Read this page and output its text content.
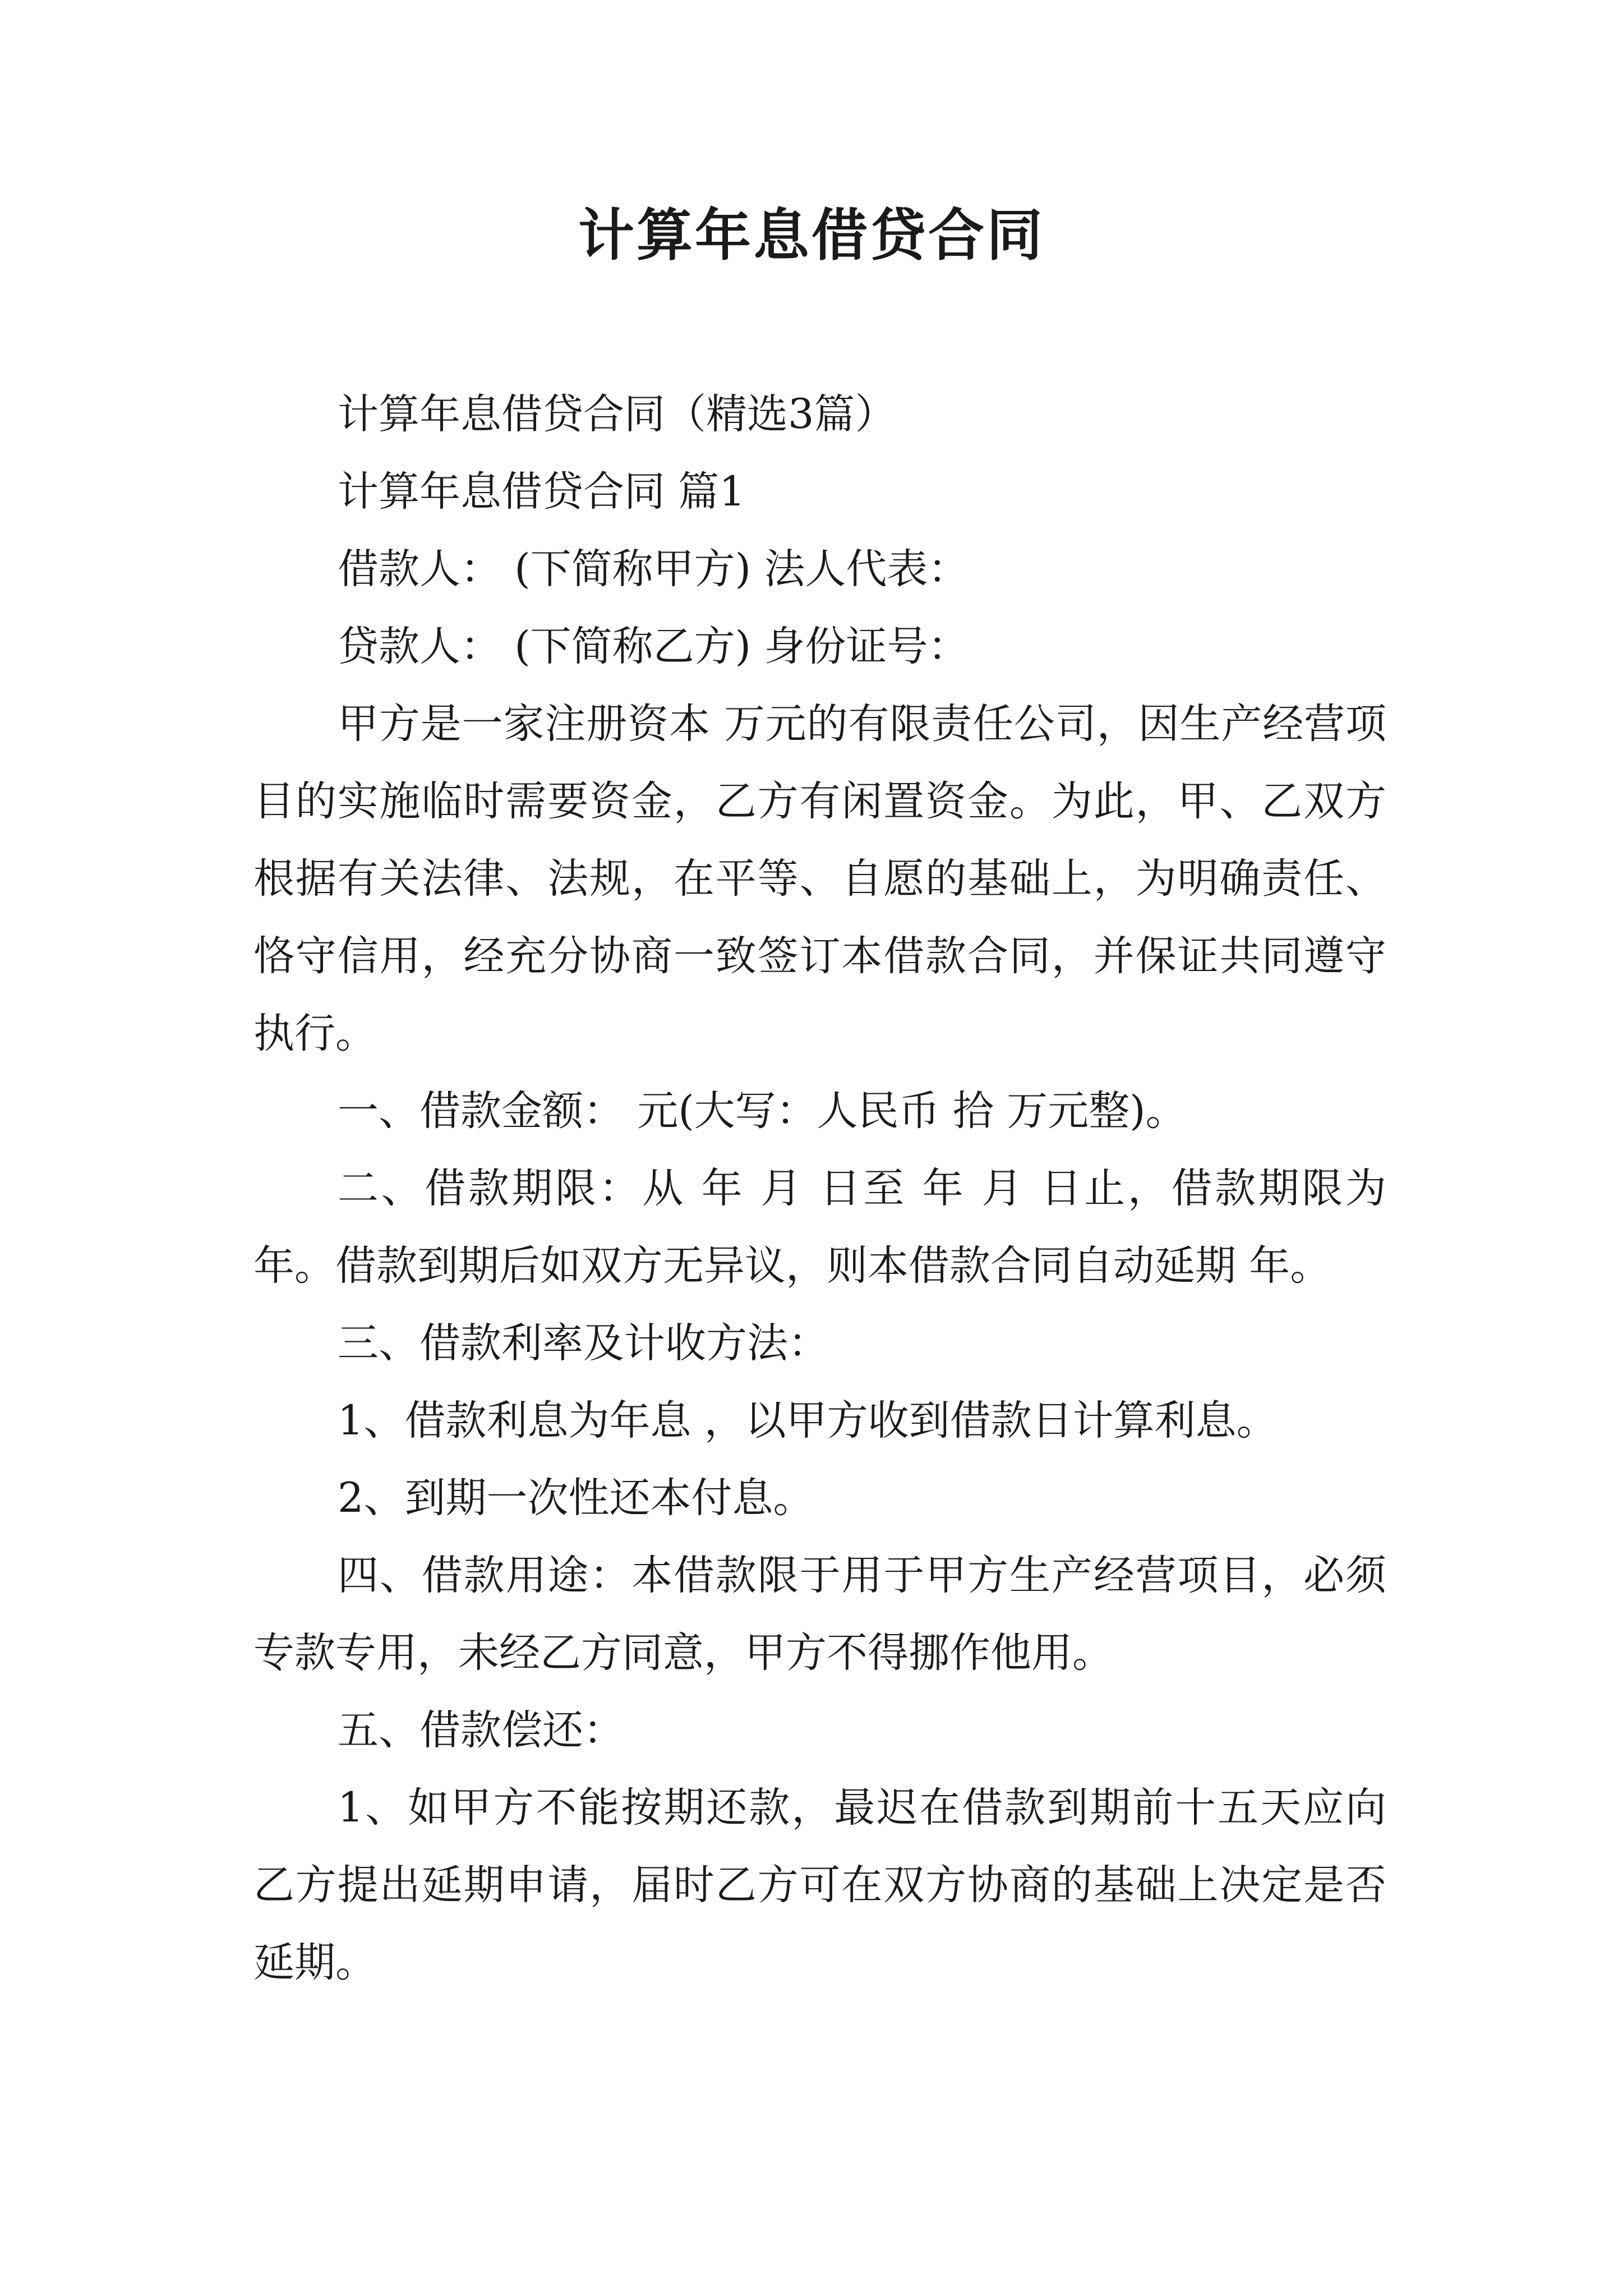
计算年息借贷合同

计算年息借贷合同（精选3篇）

计算年息借贷合同 篇1

借款人： (下简称甲方) 法人代表：

贷款人： (下简称乙方) 身份证号：

甲方是一家注册资本 万元的有限责任公司，因生产经营项目的实施临时需要资金，乙方有闲置资金。为此，甲、乙双方根据有关法律、法规，在平等、自愿的基础上，为明确责任、恪守信用，经充分协商一致签订本借款合同，并保证共同遵守执行。

一、借款金额： 元(大写：人民币 拾 万元整)。

二、借款期限：从 年 月 日至 年 月 日止，借款期限为 年。借款到期后如双方无异议，则本借款合同自动延期 年。

三、借款利率及计收方法：

1、借款利息为年息 ，以甲方收到借款日计算利息。

2、到期一次性还本付息。

四、借款用途：本借款限于用于甲方生产经营项目，必须专款专用，未经乙方同意，甲方不得挪作他用。

五、借款偿还：

1、如甲方不能按期还款，最迟在借款到期前十五天应向乙方提出延期申请，届时乙方可在双方协商的基础上决定是否延期。
